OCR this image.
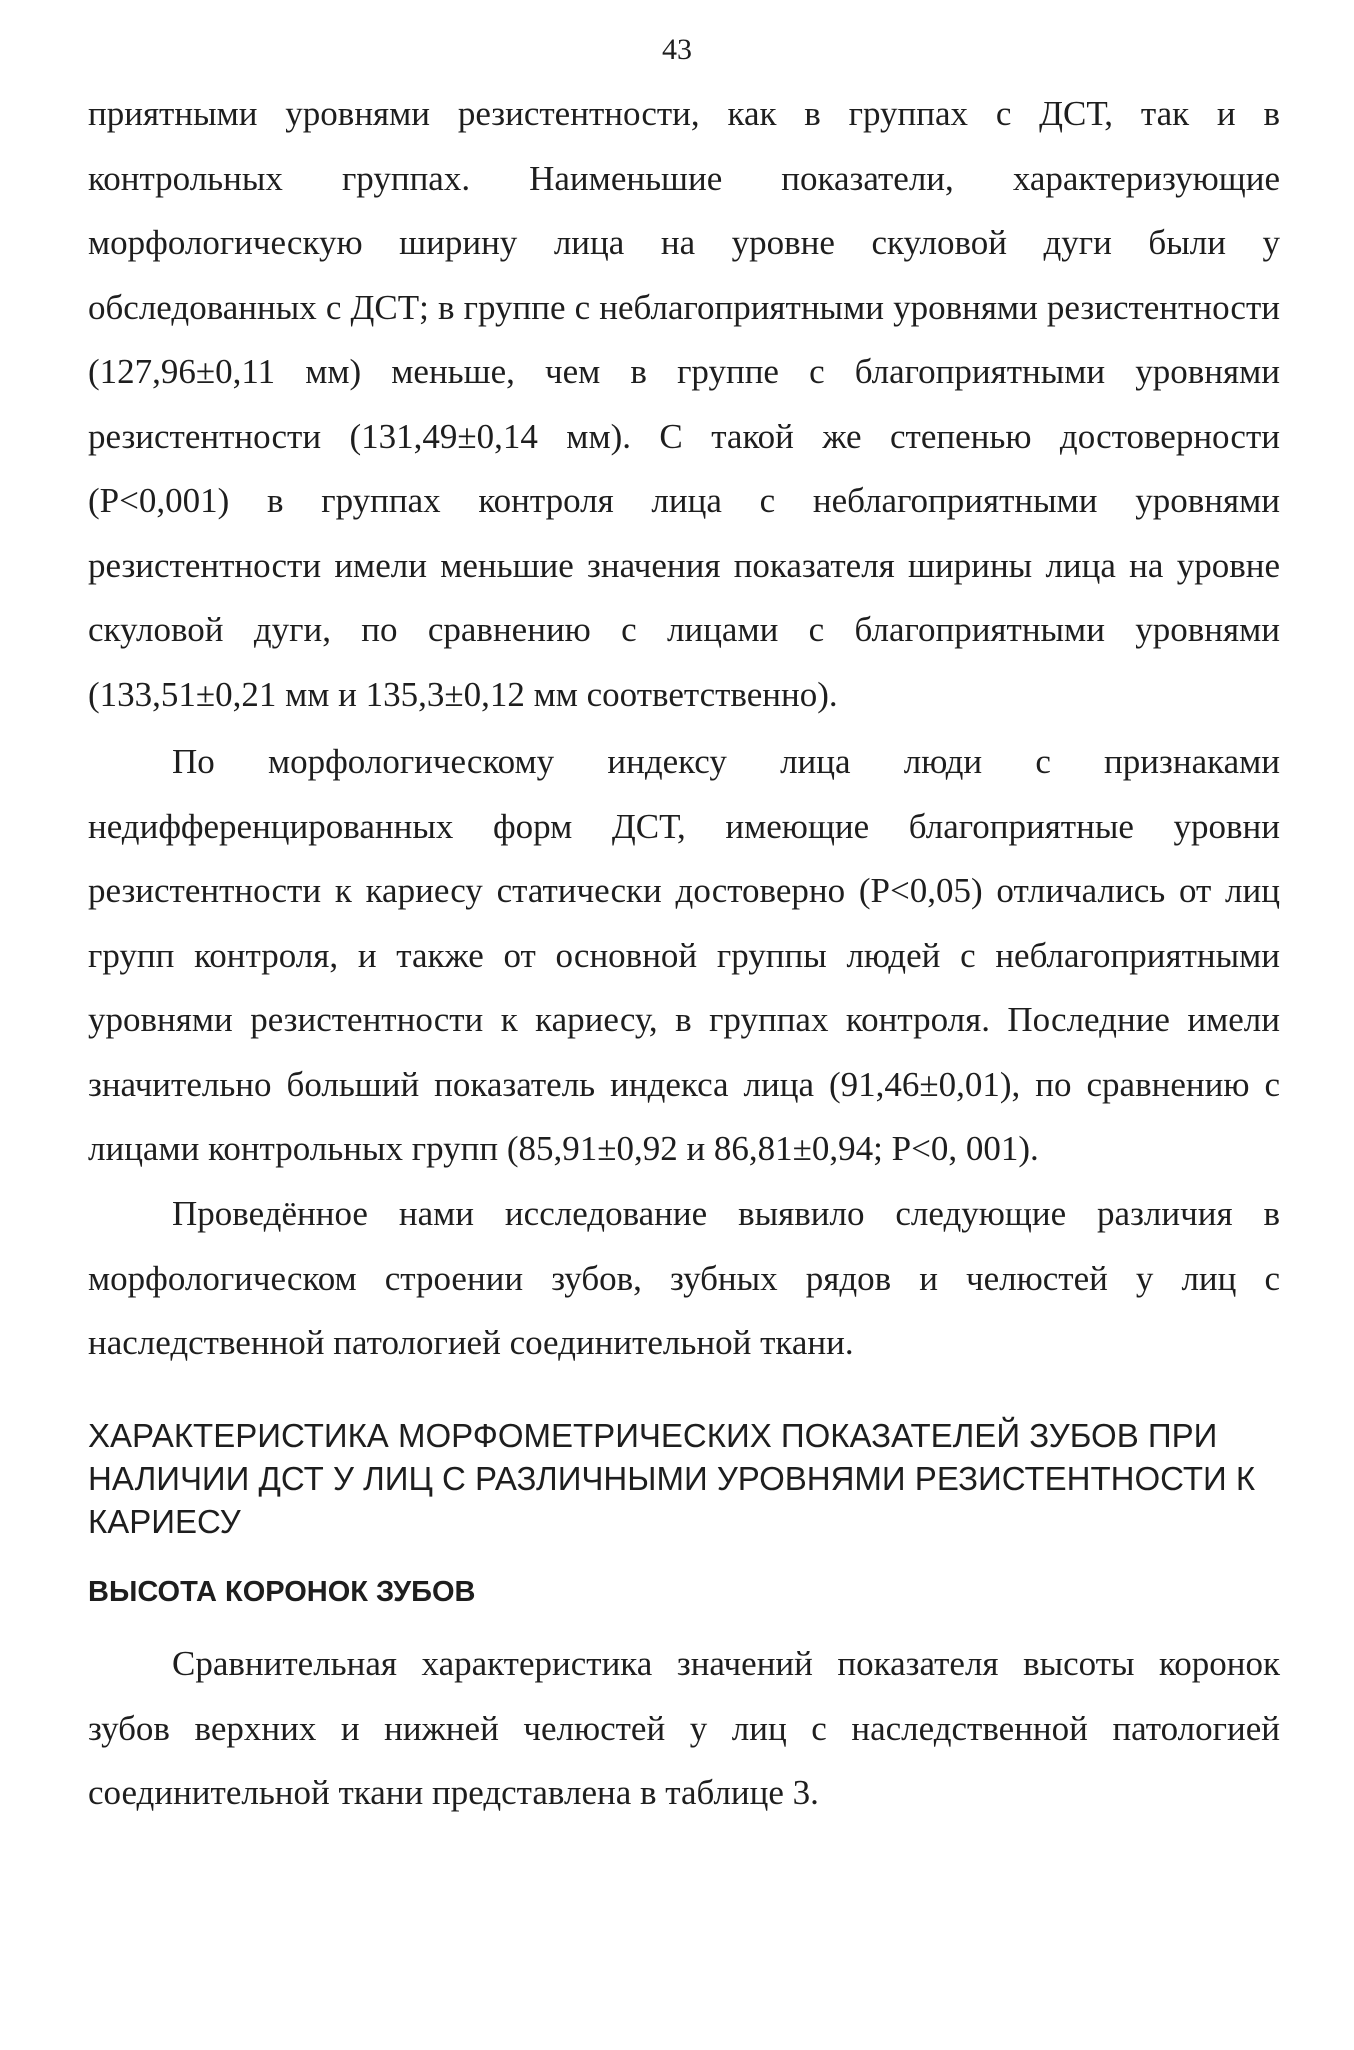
43

приятными уровнями резистентности, как в группах с ДСТ, так и в контрольных группах. Наименьшие показатели, характеризующие морфологическую ширину лица на уровне скуловой дуги были у обследованных с ДСТ; в группе с неблагоприятными уровнями резистентности (127,96±0,11 мм) меньше, чем в группе с благоприятными уровнями резистентности (131,49±0,14 мм). С такой же степенью достоверности (Р<0,001) в группах контроля лица с неблагоприятными уровнями резистентности имели меньшие значения показателя ширины лица на уровне скуловой дуги, по сравнению с лицами с благоприятными уровнями (133,51±0,21 мм и 135,3±0,12 мм соответственно).

По морфологическому индексу лица люди с признаками недифференцированных форм ДСТ, имеющие благоприятные уровни резистентности к кариесу статически достоверно (Р<0,05) отличались от лиц групп контроля, и также от основной группы людей с неблагоприятными уровнями резистентности к кариесу, в группах контроля. Последние имели значительно больший показатель индекса лица (91,46±0,01), по сравнению с лицами контрольных групп (85,91±0,92 и 86,81±0,94; Р<0, 001).

Проведённое нами исследование выявило следующие различия в морфологическом строении зубов, зубных рядов и челюстей у лиц с наследственной патологией соединительной ткани.

ХАРАКТЕРИСТИКА МОРФОМЕТРИЧЕСКИХ ПОКАЗАТЕЛЕЙ ЗУБОВ ПРИ НАЛИЧИИ ДСТ У ЛИЦ С РАЗЛИЧНЫМИ УРОВНЯМИ РЕЗИСТЕНТНОСТИ К КАРИЕСУ
ВЫСОТА КОРОНОК ЗУБОВ

Сравнительная характеристика значений показателя высоты коронок зубов верхних и нижней челюстей у лиц с наследственной патологией соединительной ткани представлена в таблице 3.
